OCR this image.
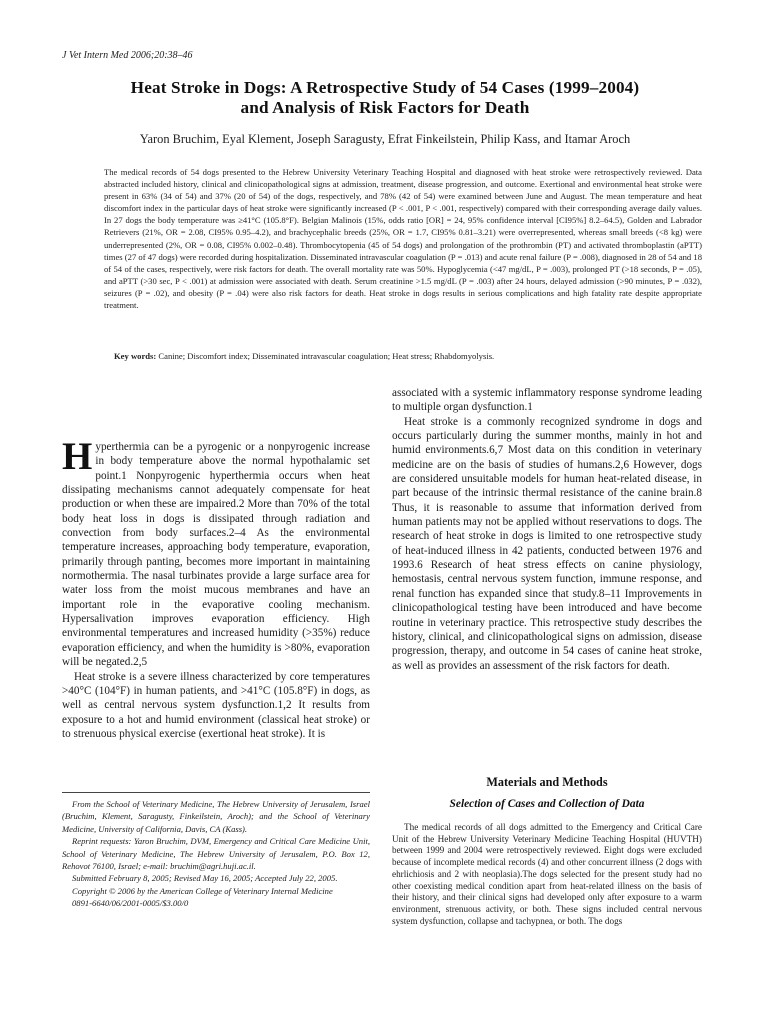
J Vet Intern Med 2006;20:38–46
Heat Stroke in Dogs: A Retrospective Study of 54 Cases (1999–2004)
and Analysis of Risk Factors for Death
Yaron Bruchim, Eyal Klement, Joseph Saragusty, Efrat Finkeilstein, Philip Kass, and Itamar Aroch
The medical records of 54 dogs presented to the Hebrew University Veterinary Teaching Hospital and diagnosed with heat stroke were retrospectively reviewed. Data abstracted included history, clinical and clinicopathological signs at admission, treatment, disease progression, and outcome. Exertional and environmental heat stroke were present in 63% (34 of 54) and 37% (20 of 54) of the dogs, respectively, and 78% (42 of 54) were examined between June and August. The mean temperature and heat discomfort index in the particular days of heat stroke were significantly increased (P < .001, P < .001, respectively) compared with their corresponding average daily values. In 27 dogs the body temperature was ≥41°C (105.8°F). Belgian Malinois (15%, odds ratio [OR] = 24, 95% confidence interval [CI95%] 8.2–64.5), Golden and Labrador Retrievers (21%, OR = 2.08, CI95% 0.95–4.2), and brachycephalic breeds (25%, OR = 1.7, CI95% 0.81–3.21) were overrepresented, whereas small breeds (<8 kg) were underrepresented (2%, OR = 0.08, CI95% 0.002–0.48). Thrombocytopenia (45 of 54 dogs) and prolongation of the prothrombin (PT) and activated thromboplastin (aPTT) times (27 of 47 dogs) were recorded during hospitalization. Disseminated intravascular coagulation (P = .013) and acute renal failure (P = .008), diagnosed in 28 of 54 and 18 of 54 of the cases, respectively, were risk factors for death. The overall mortality rate was 50%. Hypoglycemia (<47 mg/dL, P = .003), prolonged PT (>18 seconds, P = .05), and aPTT (>30 sec, P < .001) at admission were associated with death. Serum creatinine >1.5 mg/dL (P = .003) after 24 hours, delayed admission (>90 minutes, P = .032), seizures (P = .02), and obesity (P = .04) were also risk factors for death. Heat stroke in dogs results in serious complications and high fatality rate despite appropriate treatment.
Key words: Canine; Discomfort index; Disseminated intravascular coagulation; Heat stress; Rhabdomyolysis.

Hyperthermia can be a pyrogenic or a nonpyrogenic increase in body temperature above the normal hypothalamic set point.1 Nonpyrogenic hyperthermia occurs when heat dissipating mechanisms cannot adequately compensate for heat production or when these are impaired.2 More than 70% of the total body heat loss in dogs is dissipated through radiation and convection from body surfaces.2–4 As the environmental temperature increases, approaching body temperature, evaporation, primarily through panting, becomes more important in maintaining normothermia. The nasal turbinates provide a large surface area for water loss from the moist mucous membranes and have an important role in the evaporative cooling mechanism. Hypersalivation improves evaporation efficiency. High environmental temperatures and increased humidity (>35%) reduce evaporation efficiency, and when the humidity is >80%, evaporation will be negated.2,5

Heat stroke is a severe illness characterized by core temperatures >40°C (104°F) in human patients, and >41°C (105.8°F) in dogs, as well as central nervous system dysfunction.1,2 It results from exposure to a hot and humid environment (classical heat stroke) or to strenuous physical exercise (exertional heat stroke). It is

associated with a systemic inflammatory response syndrome leading to multiple organ dysfunction.1

Heat stroke is a commonly recognized syndrome in dogs and occurs particularly during the summer months, mainly in hot and humid environments.6,7 Most data on this condition in veterinary medicine are on the basis of studies of humans.2,6 However, dogs are considered unsuitable models for human heat-related disease, in part because of the intrinsic thermal resistance of the canine brain.8 Thus, it is reasonable to assume that information derived from human patients may not be applied without reservations to dogs. The research of heat stroke in dogs is limited to one retrospective study of heat-induced illness in 42 patients, conducted between 1976 and 1993.6 Research of heat stress effects on canine physiology, hemostasis, central nervous system function, immune response, and renal function has expanded since that study.8–11 Improvements in clinicopathological testing have been introduced and have become routine in veterinary practice. This retrospective study describes the history, clinical, and clinicopathological signs on admission, disease progression, therapy, and outcome in 54 cases of canine heat stroke, as well as provides an assessment of the risk factors for death.

Materials and Methods
Selection of Cases and Collection of Data

The medical records of all dogs admitted to the Emergency and Critical Care Unit of the Hebrew University Veterinary Medicine Teaching Hospital (HUVTH) between 1999 and 2004 were retrospectively reviewed. Eight dogs were excluded because of incomplete medical records (4) and other concurrent illness (2 dogs with ehrlichiosis and 2 with neoplasia).The dogs selected for the present study had no other coexisting medical condition apart from heat-related illness on the basis of their history, and their clinical signs had developed only after exposure to a warm environment, strenuous activity, or both. These signs included central nervous system dysfunction, collapse and tachypnea, or both. The dogs

From the School of Veterinary Medicine, The Hebrew University of Jerusalem, Israel (Bruchim, Klement, Saragusty, Finkeilstein, Aroch); and the School of Veterinary Medicine, University of California, Davis, CA (Kass).

Reprint requests: Yaron Bruchim, DVM, Emergency and Critical Care Medicine Unit, School of Veterinary Medicine, The Hebrew University of Jerusalem, P.O. Box 12, Rehovot 76100, Israel; e-mail: bruchim@agri.huji.ac.il.

Submitted February 8, 2005; Revised May 16, 2005; Accepted July 22, 2005.

Copyright © 2006 by the American College of Veterinary Internal Medicine

0891-6640/06/2001-0005/$3.00/0
